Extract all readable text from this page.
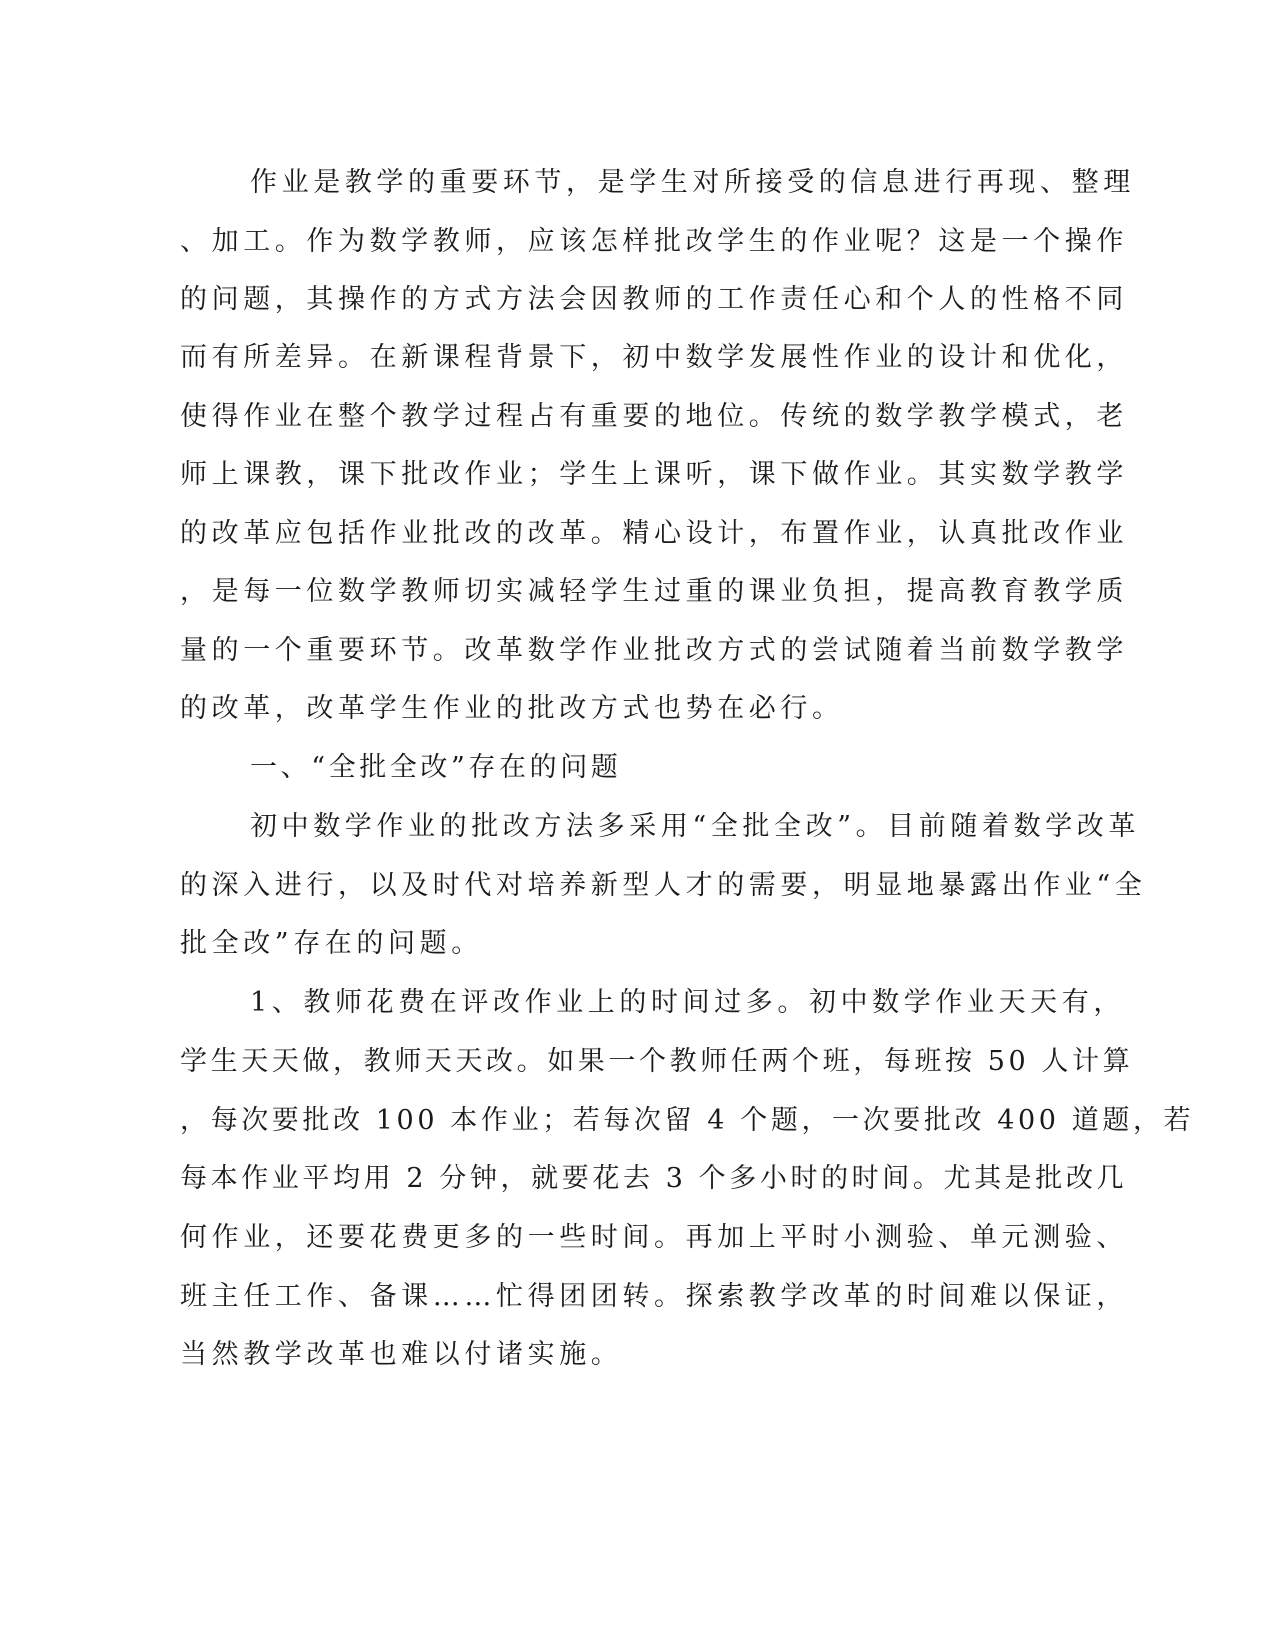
作业是教学的重要环节，是学生对所接受的信息进行再现、整理
、加工。作为数学教师，应该怎样批改学生的作业呢？这是一个操作
的问题，其操作的方式方法会因教师的工作责任心和个人的性格不同
而有所差异。在新课程背景下，初中数学发展性作业的设计和优化，
使得作业在整个教学过程占有重要的地位。传统的数学教学模式，老
师上课教，课下批改作业；学生上课听，课下做作业。其实数学教学
的改革应包括作业批改的改革。精心设计，布置作业，认真批改作业
，是每一位数学教师切实减轻学生过重的课业负担，提高教育教学质
量的一个重要环节。改革数学作业批改方式的尝试随着当前数学教学
的改革，改革学生作业的批改方式也势在必行。
一、“全批全改”存在的问题
初中数学作业的批改方法多采用“全批全改”。目前随着数学改革
的深入进行，以及时代对培养新型人才的需要，明显地暴露出作业“全
批全改”存在的问题。
1、教师花费在评改作业上的时间过多。初中数学作业天天有，
学生天天做，教师天天改。如果一个教师任两个班，每班按 50 人计算
，每次要批改 100 本作业；若每次留 4 个题，一次要批改 400 道题，若
每本作业平均用 2 分钟，就要花去 3 个多小时的时间。尤其是批改几
何作业，还要花费更多的一些时间。再加上平时小测验、单元测验、
班主任工作、备课……忙得团团转。探索教学改革的时间难以保证，
当然教学改革也难以付诸实施。
